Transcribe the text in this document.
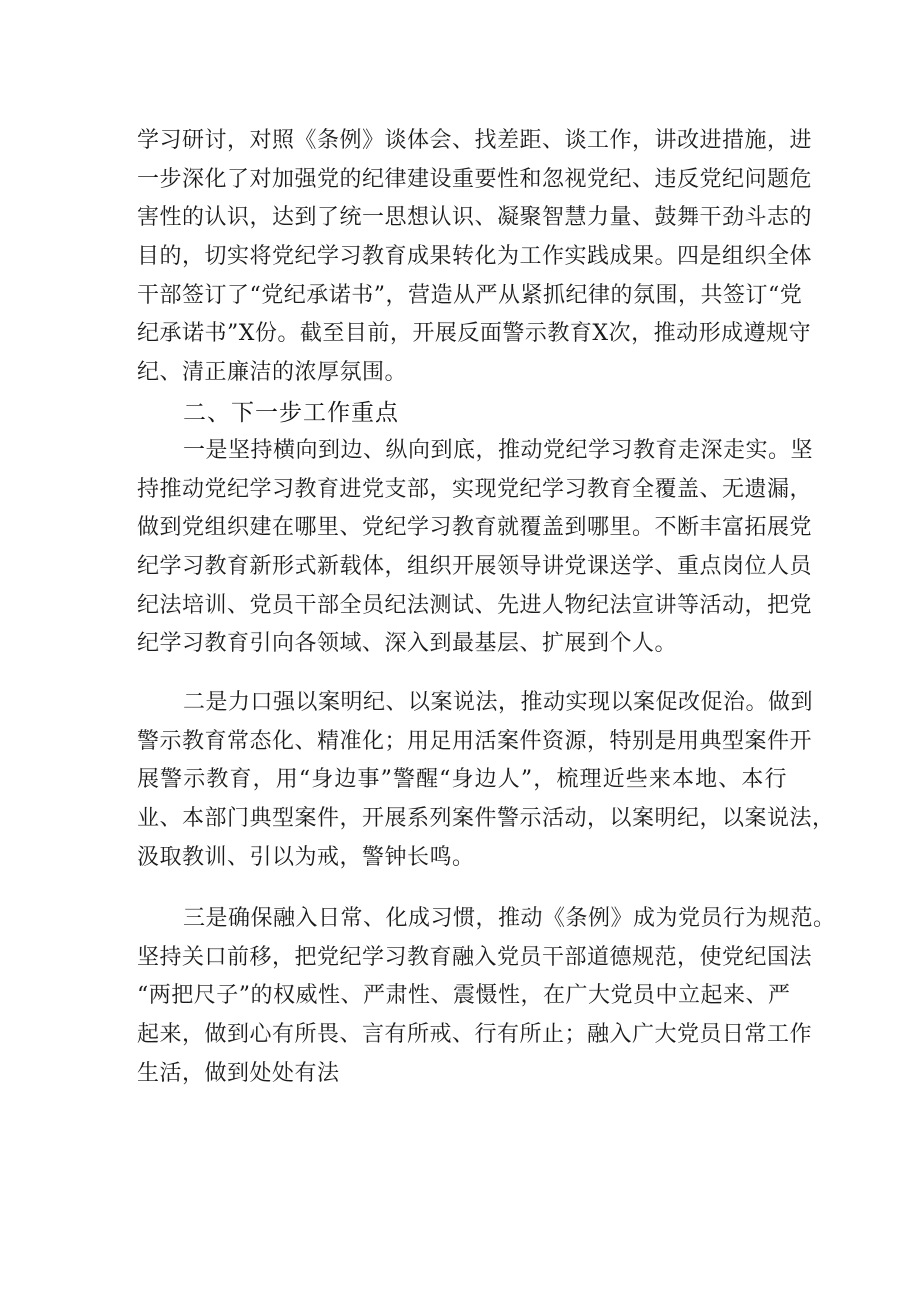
学习研讨，对照《条例》谈体会、找差距、谈工作，讲改进措施，进
一步深化了对加强党的纪律建设重要性和忽视党纪、违反党纪问题危
害性的认识，达到了统一思想认识、凝聚智慧力量、鼓舞干劲斗志的
目的，切实将党纪学习教育成果转化为工作实践成果。四是组织全体
干部签订了“党纪承诺书”，营造从严从紧抓纪律的氛围，共签订“党
纪承诺书”X份。截至目前，开展反面警示教育X次，推动形成遵规守
纪、清正廉洁的浓厚氛围。
二、下一步工作重点
一是坚持横向到边、纵向到底，推动党纪学习教育走深走实。坚
持推动党纪学习教育进党支部，实现党纪学习教育全覆盖、无遗漏，
做到党组织建在哪里、党纪学习教育就覆盖到哪里。不断丰富拓展党
纪学习教育新形式新载体，组织开展领导讲党课送学、重点岗位人员
纪法培训、党员干部全员纪法测试、先进人物纪法宣讲等活动，把党
纪学习教育引向各领域、深入到最基层、扩展到个人。
二是力口强以案明纪、以案说法，推动实现以案促改促治。做到
警示教育常态化、精准化；用足用活案件资源，特别是用典型案件开
展警示教育，用“身边事”警醒“身边人”，梳理近些来本地、本行
业、本部门典型案件，开展系列案件警示活动，以案明纪，以案说法，
汲取教训、引以为戒，警钟长鸣。
三是确保融入日常、化成习惯，推动《条例》成为党员行为规范。
坚持关口前移，把党纪学习教育融入党员干部道德规范，使党纪国法
“两把尺子”的权威性、严肃性、震慑性，在广大党员中立起来、严
起来，做到心有所畏、言有所戒、行有所止；融入广大党员日常工作
生活，做到处处有法
